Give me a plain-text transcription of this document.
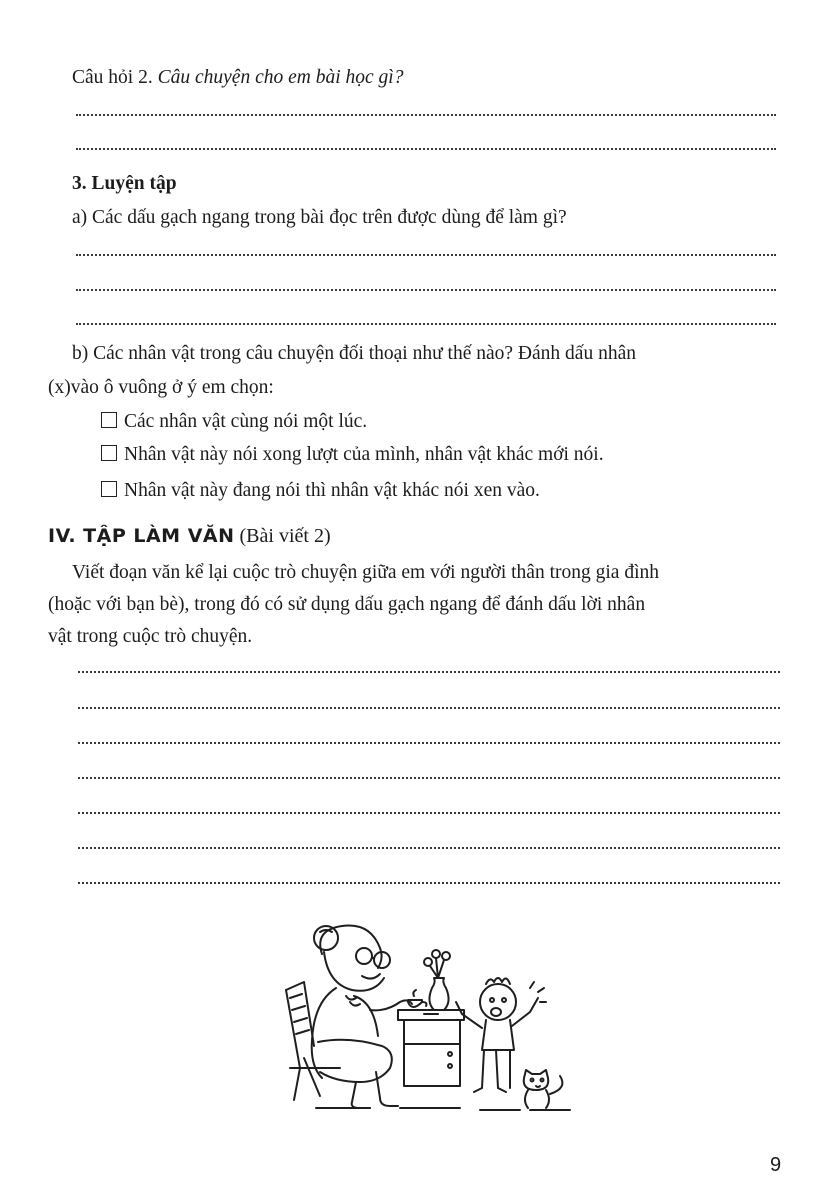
Câu hỏi 2. Câu chuyện cho em bài học gì?
3. Luyện tập
a) Các dấu gạch ngang trong bài đọc trên được dùng để làm gì?
b) Các nhân vật trong câu chuyện đối thoại như thế nào? Đánh dấu nhân
(x)vào ô vuông ở ý em chọn:
Các nhân vật cùng nói một lúc.
Nhân vật này nói xong lượt của mình, nhân vật khác mới nói.
Nhân vật này đang nói thì nhân vật khác nói xen vào.
IV. TẬP LÀM VĂN (Bài viết 2)
Viết đoạn văn kể lại cuộc trò chuyện giữa em với người thân trong gia đình
(hoặc với bạn bè), trong đó có sử dụng dấu gạch ngang để đánh dấu lời nhân
vật trong cuộc trò chuyện.
9
